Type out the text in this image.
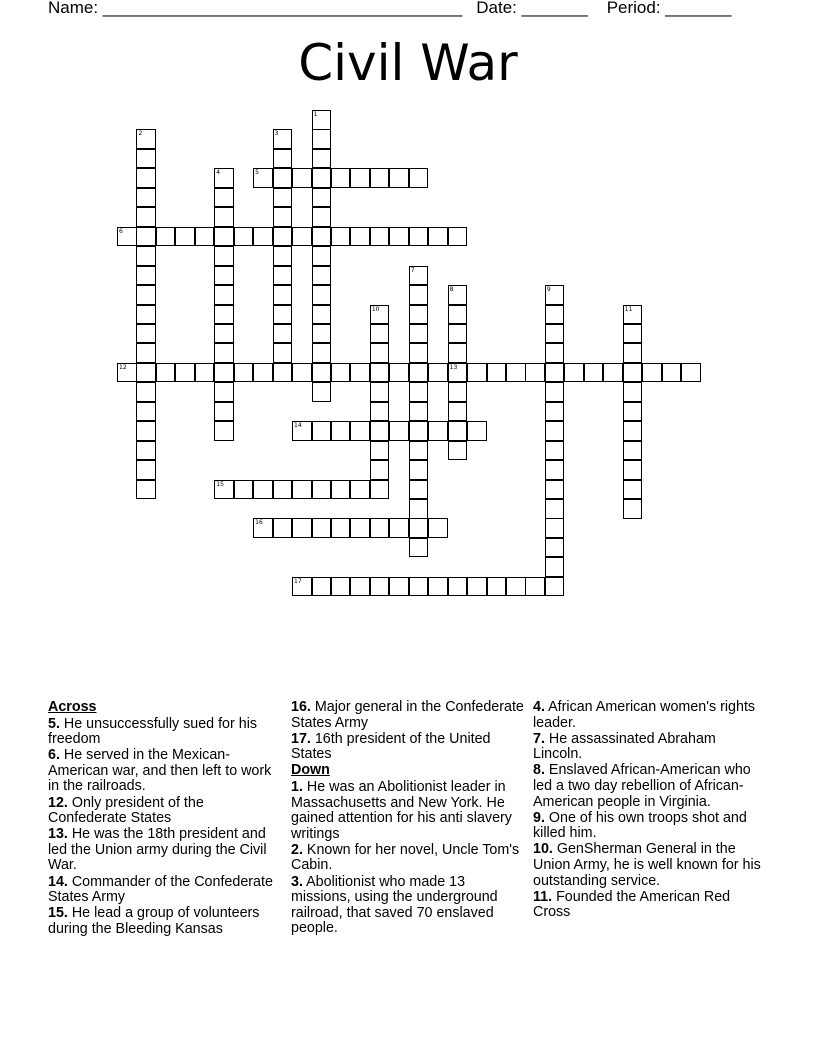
Name: ______________________________________ Date: _______ Period: _______
Civil War
5
6
12	13
14
15
16
17
1
2	3
4
7
8	9
10	11
Across
5. He unsuccessfully sued for his freedom
6. He served in the Mexican-American war, and then left to work in the railroads.
12. Only president of the Confederate States
13. He was the 18th president and led the Union army during the Civil War.
14. Commander of the Confederate States Army
15. He lead a group of volunteers during the Bleeding Kansas
16. Major general in the Confederate States Army
17. 16th president of the United States
Down
1. He was an Abolitionist leader in Massachusetts and New York. He gained attention for his anti slavery writings
2. Known for her novel, Uncle Tom's Cabin.
3. Abolitionist who made 13 missions, using the underground railroad, that saved 70 enslaved people.
4. African American women's rights leader.
7. He assassinated Abraham Lincoln.
8. Enslaved African-American who led a two day rebellion of African-American people in Virginia.
9. One of his own troops shot and killed him.
10. GenSherman General in the Union Army, he is well known for his outstanding service.
11. Founded the American Red Cross
